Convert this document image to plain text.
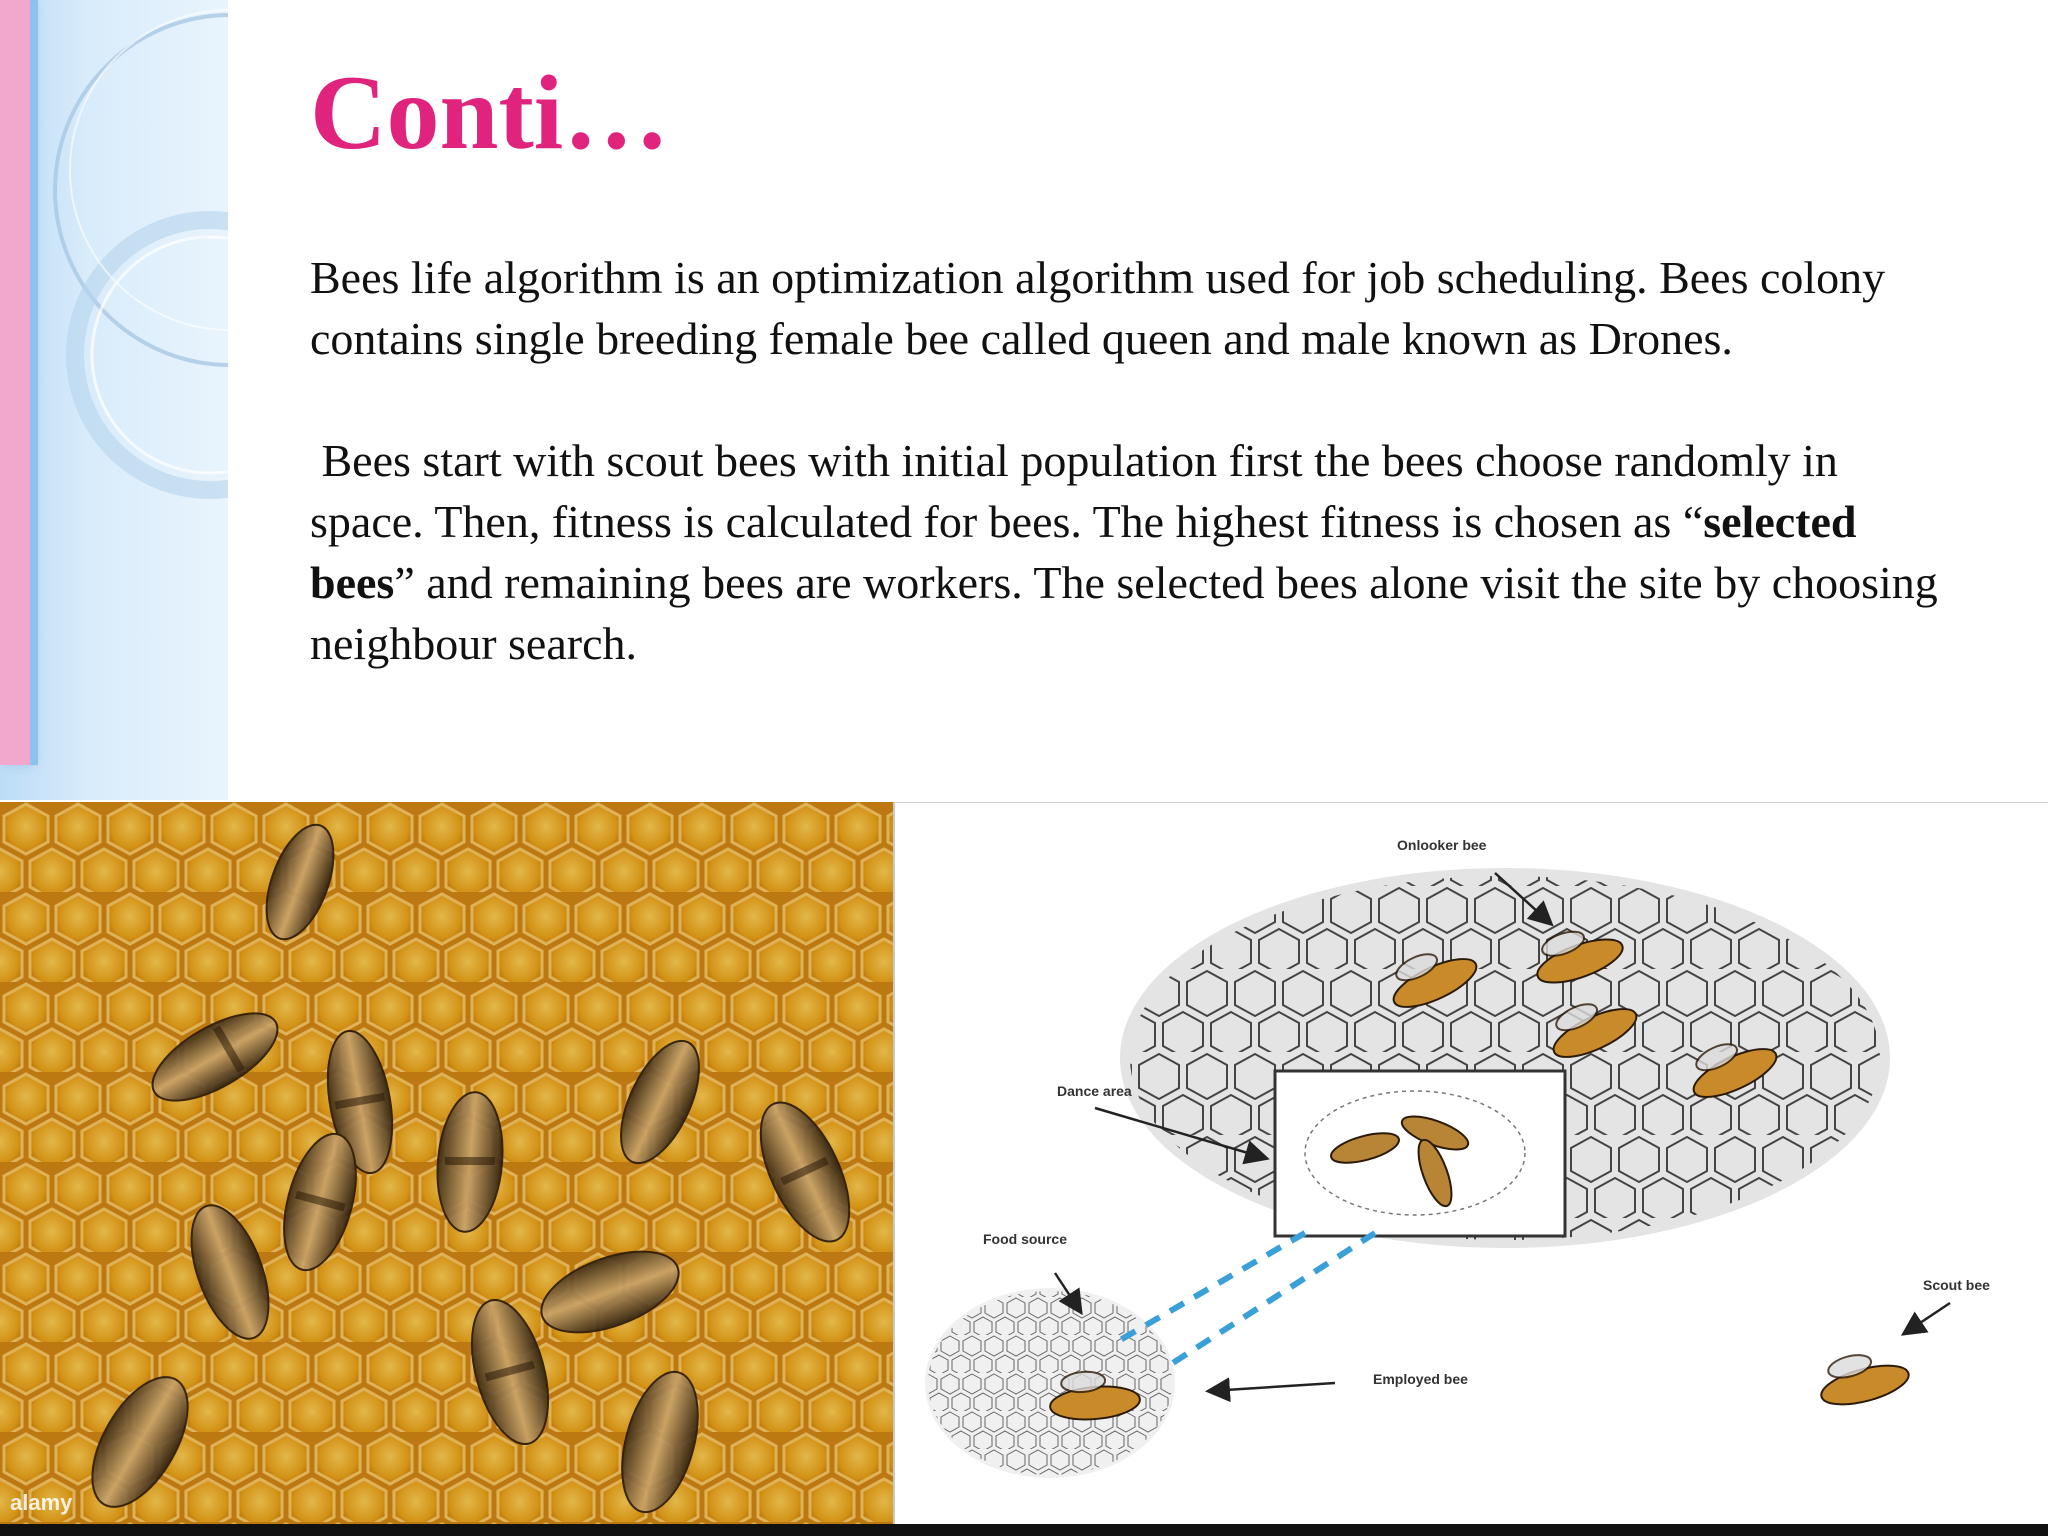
Conti…

Bees life algorithm is an optimization algorithm used for job scheduling. Bees colony contains single breeding female bee called queen and male known as Drones.

Bees start with scout bees with initial population first the bees choose randomly in space. Then, fitness is calculated for bees. The highest fitness is chosen as “selected bees” and remaining bees are workers. The selected bees alone visit the site by choosing neighbour search.

alamy
Onlooker bee
Dance area
Food source
Scout bee
Employed bee
